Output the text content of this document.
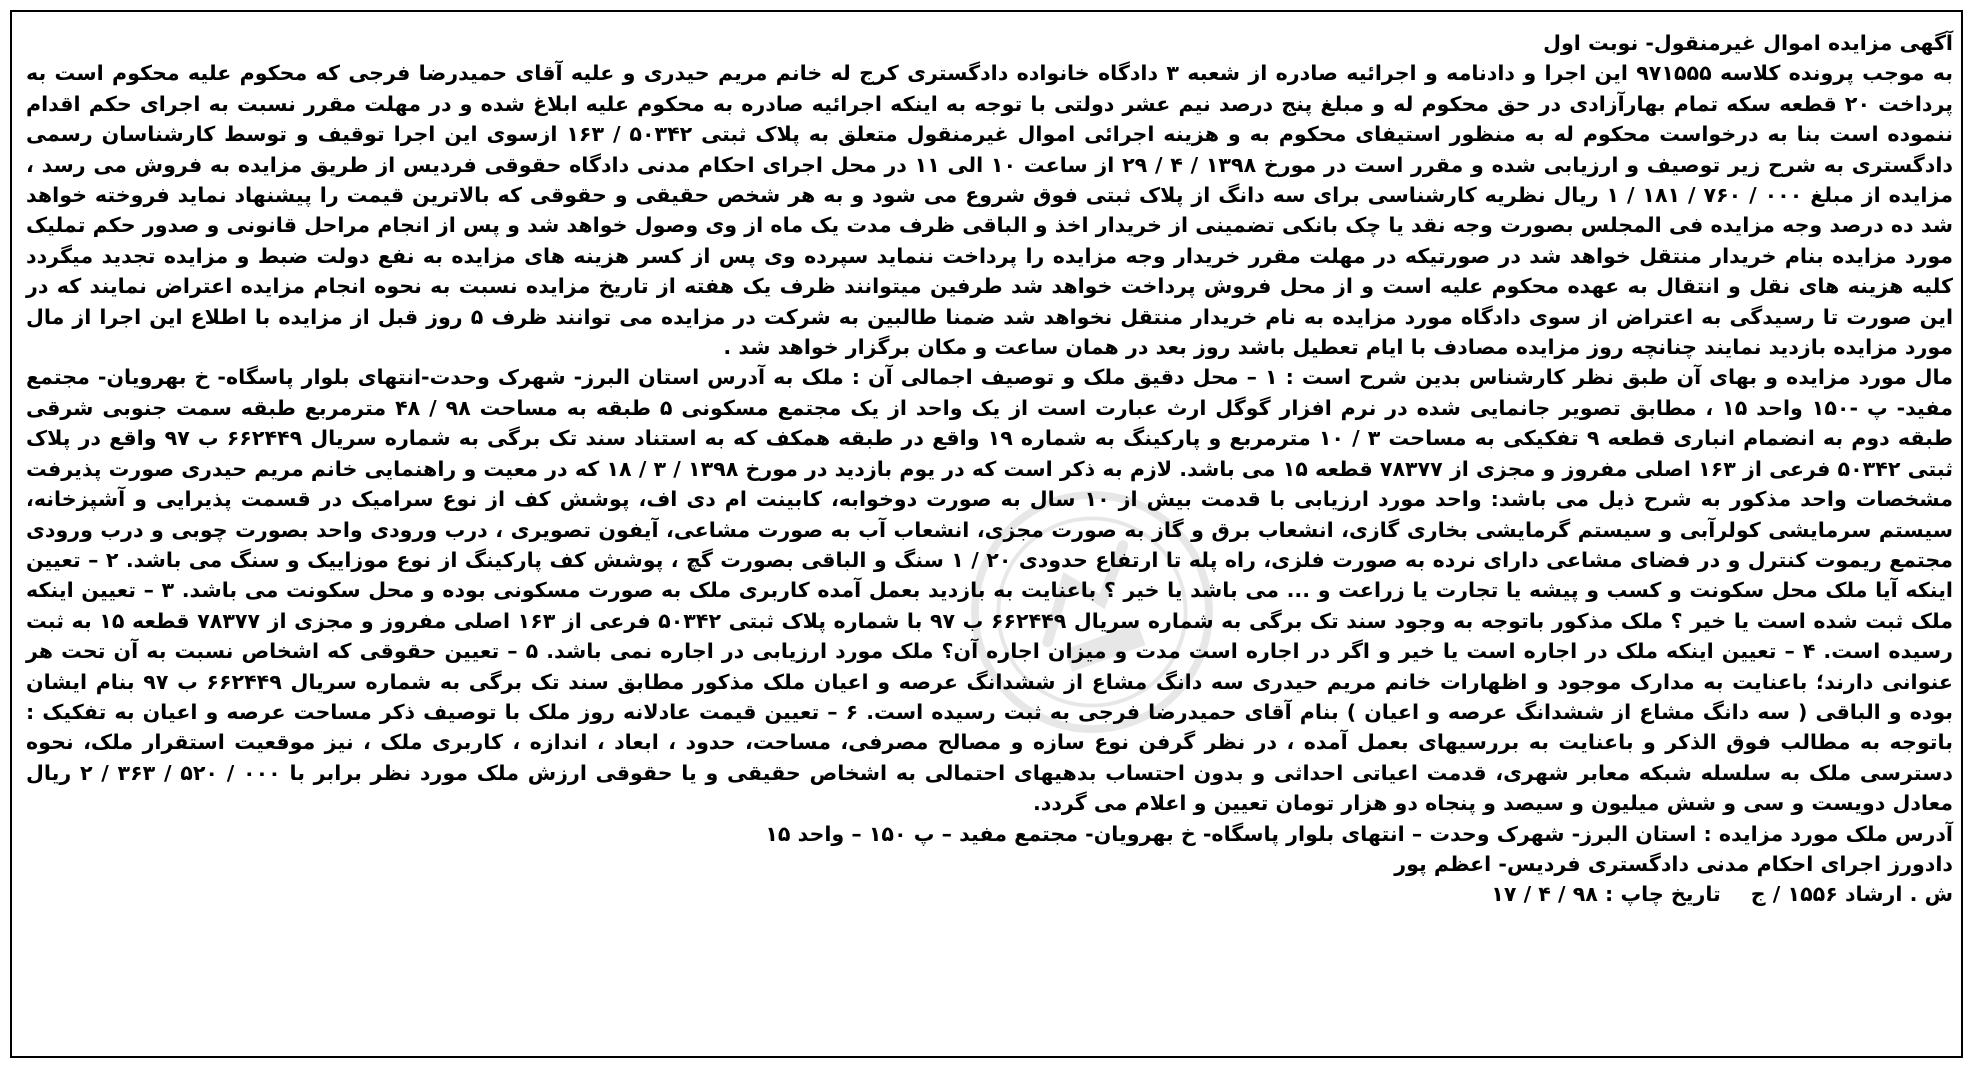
آگهی مزایده اموال غیرمنقول- نوبت اول

به موجب پرونده کلاسه ۹۷۱۵۵۵ این اجرا و دادنامه و اجرائیه صادره از شعبه ۳ دادگاه خانواده دادگستری کرج له خانم مریم حیدری و علیه آقای حمیدرضا فرجی که محکوم علیه محکوم است به پرداخت ۲۰ قطعه سکه تمام بهارآزادی در حق محکوم له و مبلغ پنج درصد نیم عشر دولتی با توجه به اینکه اجرائیه صادره به محکوم علیه ابلاغ شده و در مهلت مقرر نسبت به اجرای حکم اقدام ننموده است بنا به درخواست محکوم له به منظور استیفای محکوم به و هزینه اجرائی اموال غیرمنقول متعلق به پلاک ثبتی ۵۰۳۴۲ / ۱۶۳ ازسوی این اجرا توقیف و توسط کارشناسان رسمی دادگستری به شرح زیر توصیف و ارزیابی شده و مقرر است در مورخ ۱۳۹۸ / ۴ / ۲۹ از ساعت ۱۰ الی ۱۱ در محل اجرای احکام مدنی دادگاه حقوقی فردیس از طریق مزایده به فروش می رسد ، مزایده از مبلغ ۰۰۰ / ۷۶۰ / ۱۸۱ / ۱ ریال نظریه کارشناسی برای سه دانگ از پلاک ثبتی فوق شروع می شود و به هر شخص حقیقی و حقوقی که بالاترین قیمت را پیشنهاد نماید فروخته خواهد شد ده درصد وجه مزایده فی المجلس بصورت وجه نقد یا چک بانکی تضمینی از خریدار اخذ و الباقی ظرف مدت یک ماه از وی وصول خواهد شد و پس از انجام مراحل قانونی و صدور حکم تملیک مورد مزایده بنام خریدار منتقل خواهد شد در صورتیکه در مهلت مقرر خریدار وجه مزایده را پرداخت ننماید سپرده وی پس از کسر هزینه های مزایده به نفع دولت ضبط و مزایده تجدید میگردد کلیه هزینه های نقل و انتقال به عهده محکوم علیه است و از محل فروش پرداخت خواهد شد طرفین میتوانند ظرف یک هفته از تاریخ مزایده نسبت به نحوه انجام مزایده اعتراض نمایند که در این صورت تا رسیدگی به اعتراض از سوی دادگاه مورد مزایده به نام خریدار منتقل نخواهد شد ضمنا طالبین به شرکت در مزایده می توانند ظرف ۵ روز قبل از مزایده با اطلاع این اجرا از مال مورد مزایده بازدید نمایند چنانچه روز مزایده مصادف با ایام تعطیل باشد روز بعد در همان ساعت و مکان برگزار خواهد شد .

مال مورد مزایده و بهای آن طبق نظر کارشناس بدین شرح است : ۱ – محل دقیق ملک و توصیف اجمالی آن : ملک به آدرس استان البرز- شهرک وحدت-انتهای بلوار پاسگاه- خ بهرویان- مجتمع مفید- پ -۱۵۰ واحد ۱۵ ، مطابق تصویر جانمایی شده در نرم افزار گوگل ارث عبارت است از یک واحد از یک مجتمع مسکونی ۵ طبقه به مساحت ۹۸ / ۴۸ مترمربع طبقه سمت جنوبی شرقی طبقه دوم به انضمام انباری قطعه ۹ تفکیکی به مساحت ۳ / ۱۰ مترمربع و پارکینگ به شماره ۱۹ واقع در طبقه همکف که به استناد سند تک برگی به شماره سریال ۶۶۲۴۴۹ ب ۹۷ واقع در پلاک ثبتی ۵۰۳۴۲ فرعی از ۱۶۳ اصلی مفروز و مجزی از ۷۸۳۷۷ قطعه ۱۵ می باشد. لازم به ذکر است که در یوم بازدید در مورخ ۱۳۹۸ / ۳ / ۱۸ که در معیت و راهنمایی خانم مریم حیدری صورت پذیرفت مشخصات واحد مذکور به شرح ذیل می باشد: واحد مورد ارزیابی با قدمت بیش از ۱۰ سال به صورت دوخوابه، کابینت ام دی اف، پوشش کف از نوع سرامیک در قسمت پذیرایی و آشپزخانه، سیستم سرمایشی کولرآبی و سیستم گرمایشی بخاری گازی، انشعاب برق و گاز به صورت مجزی، انشعاب آب به صورت مشاعی، آیفون تصویری ، درب ورودی واحد بصورت چوبی و درب ورودی مجتمع ریموت کنترل و در فضای مشاعی دارای نرده به صورت فلزی، راه پله تا ارتفاع حدودی ۲۰ / ۱ سنگ و الباقی بصورت گچ ، پوشش کف پارکینگ از نوع موزاییک و سنگ می باشد. ۲ – تعیین اینکه آیا ملک محل سکونت و کسب و پیشه یا تجارت یا زراعت و ... می باشد یا خیر ؟ باعنایت به بازدید بعمل آمده کاربری ملک به صورت مسکونی بوده و محل سکونت می باشد. ۳ – تعیین اینکه ملک ثبت شده است یا خیر ؟ ملک مذکور باتوجه به وجود سند تک برگی به شماره سریال ۶۶۲۴۴۹ ب ۹۷ با شماره پلاک ثبتی ۵۰۳۴۲ فرعی از ۱۶۳ اصلی مفروز و مجزی از ۷۸۳۷۷ قطعه ۱۵ به ثبت رسیده است. ۴ – تعیین اینکه ملک در اجاره است یا خیر و اگر در اجاره است مدت و میزان اجاره آن؟ ملک مورد ارزیابی در اجاره نمی باشد. ۵ – تعیین حقوقی که اشخاص نسبت به آن تحت هر عنوانی دارند؛ باعنایت به مدارک موجود و اظهارات خانم مریم حیدری سه دانگ مشاع از ششدانگ عرصه و اعیان ملک مذکور مطابق سند تک برگی به شماره سریال ۶۶۲۴۴۹ ب ۹۷ بنام ایشان بوده و الباقی ( سه دانگ مشاع از ششدانگ عرصه و اعیان ) بنام آقای حمیدرضا فرجی به ثبت رسیده است. ۶ – تعیین قیمت عادلانه روز ملک با توصیف ذکر مساحت عرصه و اعیان به تفکیک : باتوجه به مطالب فوق الذکر و باعنایت به بررسیهای بعمل آمده ، در نظر گرفن نوع سازه و مصالح مصرفی، مساحت، حدود ، ابعاد ، اندازه ، کاربری ملک ، نیز موقعیت استقرار ملک، نحوه دسترسی ملک به سلسله شبکه معابر شهری، قدمت اعیاتی احداثی و بدون احتساب بدهیهای احتمالی به اشخاص حقیقی و یا حقوقی ارزش ملک مورد نظر برابر با ۰۰۰ / ۵۲۰ / ۳۶۳ / ۲ ریال معادل دویست و سی و شش میلیون و سیصد و پنجاه دو هزار تومان تعیین و اعلام می گردد.

آدرس ملک مورد مزایده : استان البرز- شهرک وحدت – انتهای بلوار پاسگاه- خ بهرویان- مجتمع مفید – پ ۱۵۰ – واحد ۱۵

دادورز اجرای احکام مدنی دادگستری فردیس- اعظم پور

ش . ارشاد ۱۵۵۶ / جتاریخ چاپ : ۹۸ / ۴ / ۱۷
